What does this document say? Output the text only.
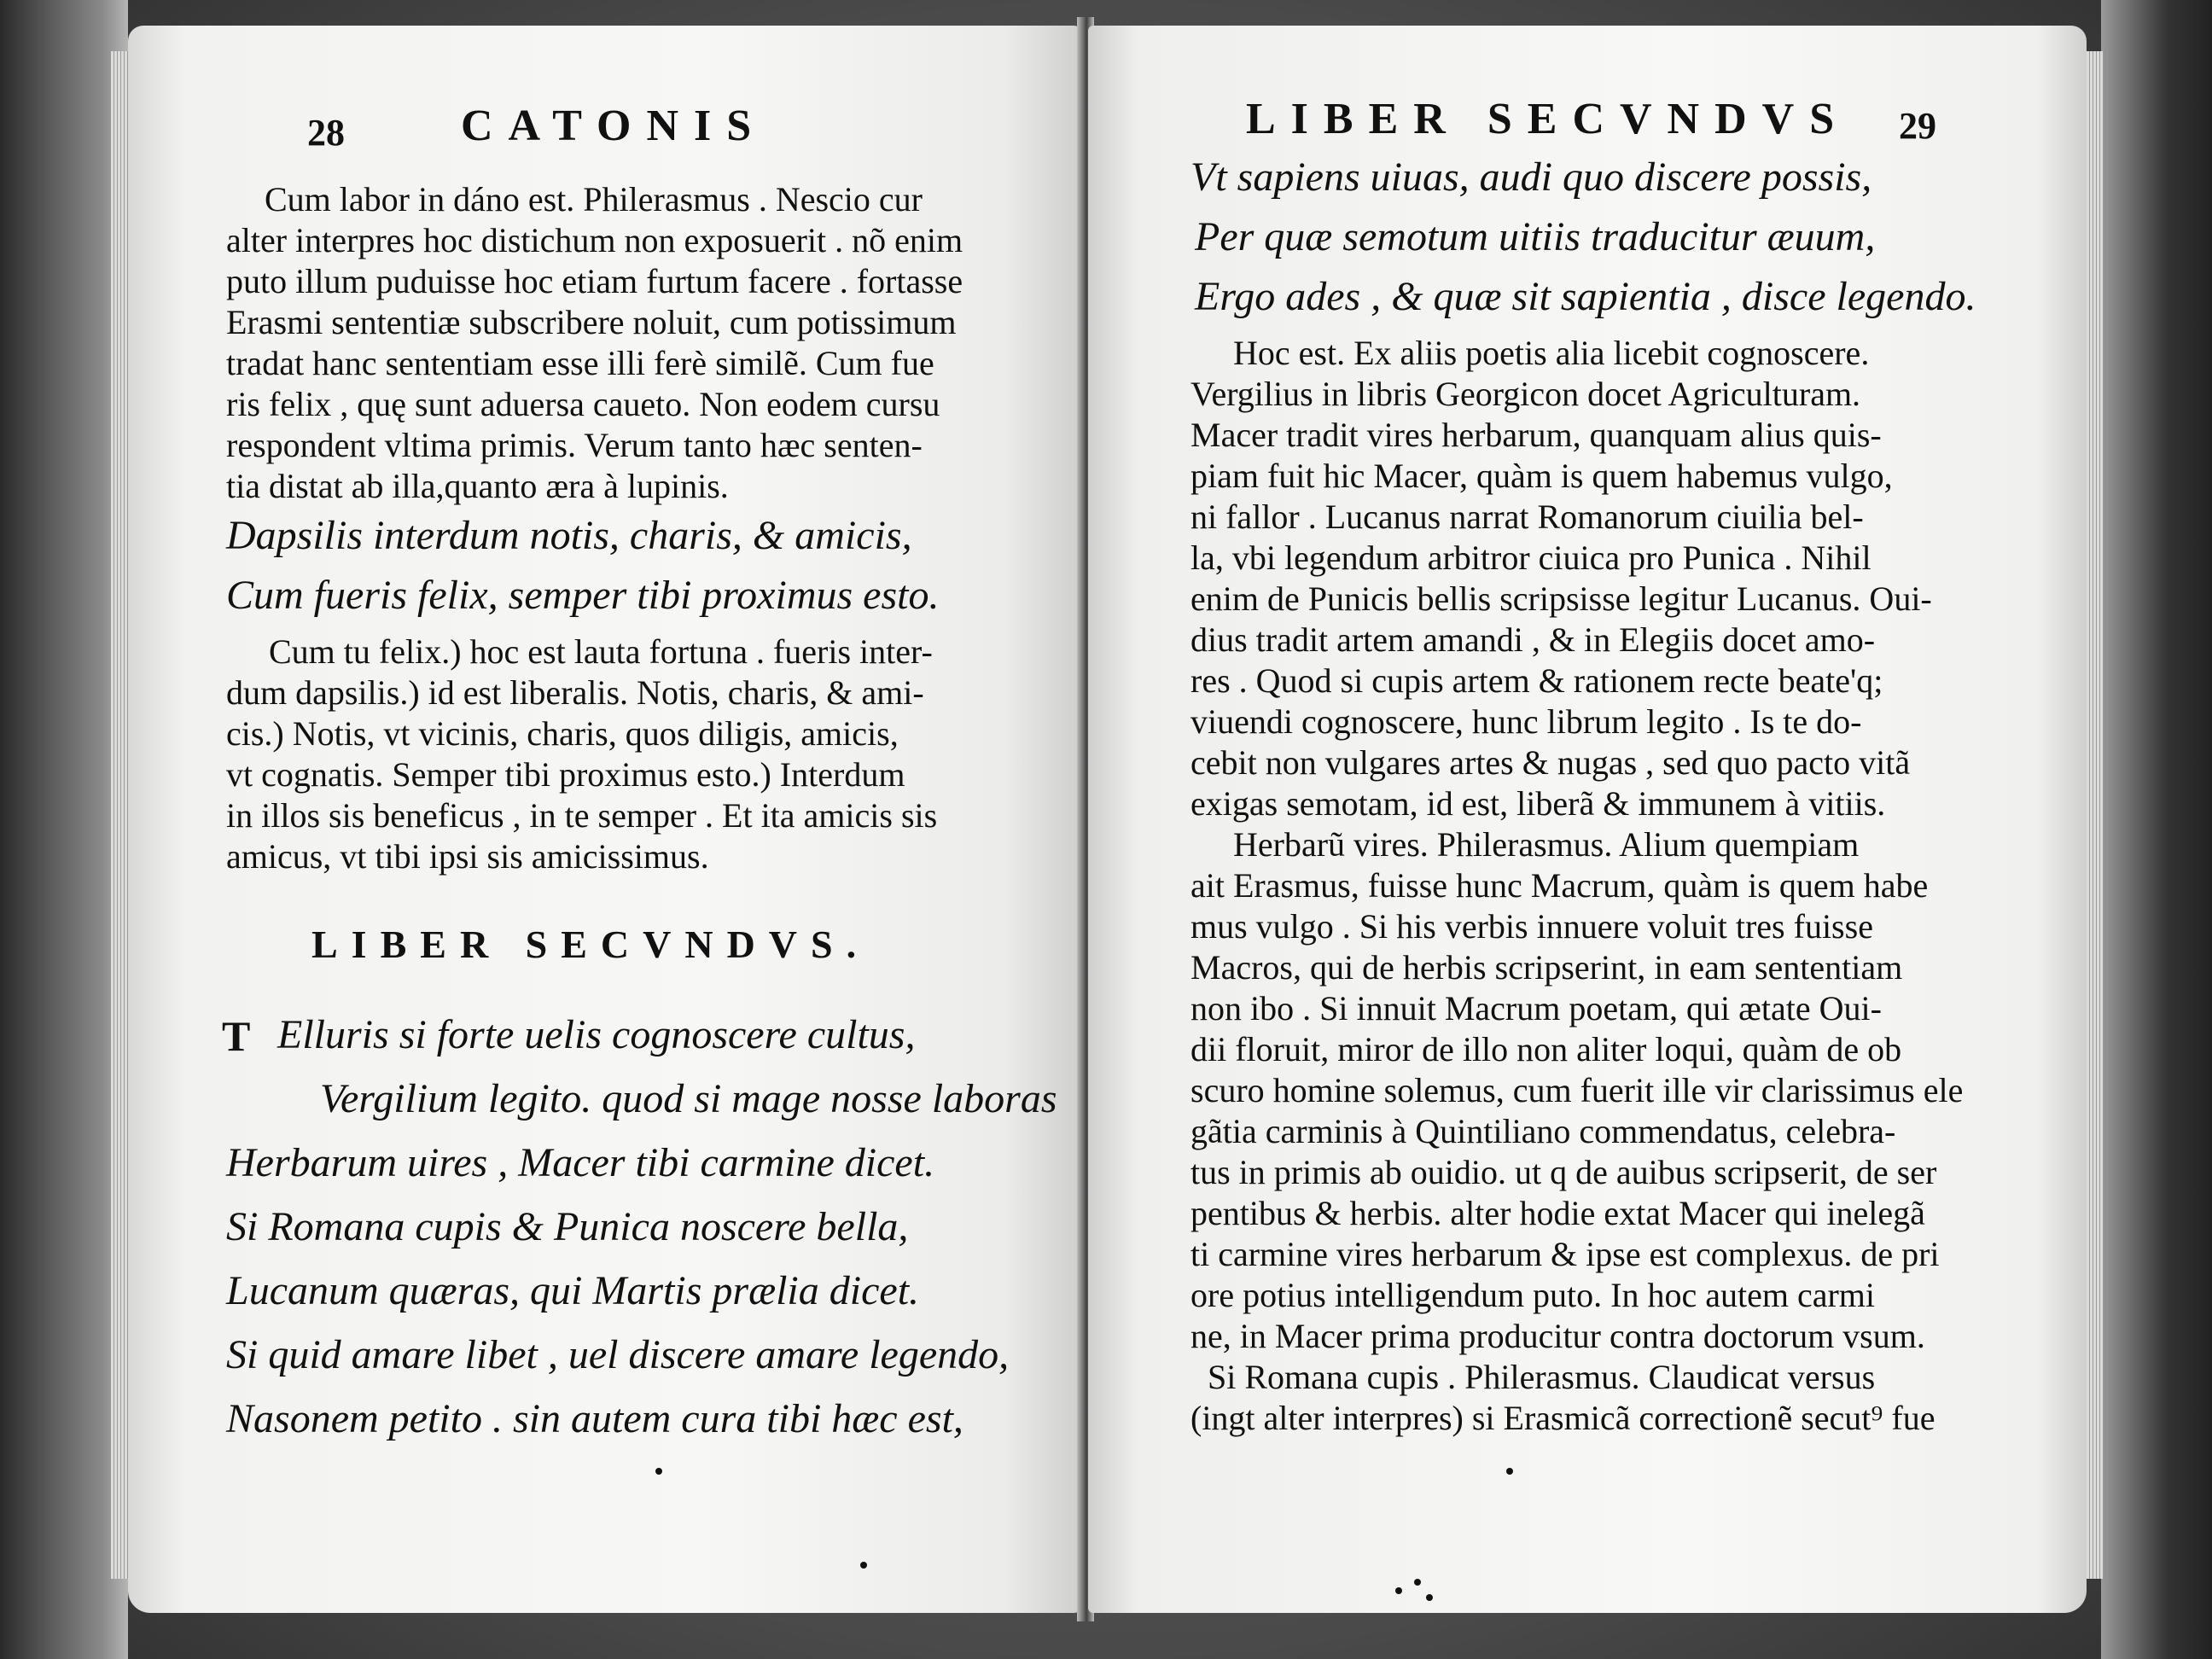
28	CATONIS
Cum labor in dáno est. Philerasmus . Nescio cur
alter interpres hoc distichum non exposuerit . nõ enim
puto illum puduisse hoc etiam furtum facere . fortasse
Erasmi sententiæ subscribere noluit, cum potissimum
tradat hanc sententiam esse illi ferè similẽ. Cum fue
ris felix , quę sunt aduersa caueto. Non eodem cursu
respondent vltima primis. Verum tanto hæc senten-
tia distat ab illa,quanto æra à lupinis.
Dapsilis interdum notis, charis, & amicis,
Cum fueris felix, semper tibi proximus esto.
Cum tu felix.) hoc est lauta fortuna . fueris inter-
dum dapsilis.) id est liberalis. Notis, charis, & ami-
cis.) Notis, vt vicinis, charis, quos diligis, amicis,
vt cognatis. Semper tibi proximus esto.) Interdum
in illos sis beneficus , in te semper . Et ita amicis sis
amicus, vt tibi ipsi sis amicissimus.
LIBER SECVNDVS.
T Elluris si forte uelis cognoscere cultus,
Vergilium legito. quod si mage nosse laboras
Herbarum uires , Macer tibi carmine dicet.
Si Romana cupis & Punica noscere bella,
Lucanum quæras, qui Martis prælia dicet.
Si quid amare libet , uel discere amare legendo,
Nasonem petito . sin autem cura tibi hæc est,
LIBER SECVNDVS 29
Vt sapiens uiuas, audi quo discere possis,
Per quæ semotum uitiis traducitur æuum,
Ergo ades , & quæ sit sapientia , disce legendo.
Hoc est. Ex aliis poetis alia licebit cognoscere.
Vergilius in libris Georgicon docet Agriculturam.
Macer tradit vires herbarum, quanquam alius quis-
piam fuit hic Macer, quàm is quem habemus vulgo,
ni fallor . Lucanus narrat Romanorum ciuilia bel-
la, vbi legendum arbitror ciuica pro Punica . Nihil
enim de Punicis bellis scripsisse legitur Lucanus. Oui-
dius tradit artem amandi , & in Elegiis docet amo-
res . Quod si cupis artem & rationem recte beate'q;
viuendi cognoscere, hunc librum legito . Is te do-
cebit non vulgares artes & nugas , sed quo pacto vitã
exigas semotam, id est, liberã & immunem à vitiis.
Herbarũ vires. Philerasmus. Alium quempiam
ait Erasmus, fuisse hunc Macrum, quàm is quem habe
mus vulgo . Si his verbis innuere voluit tres fuisse
Macros, qui de herbis scripserint, in eam sententiam
non ibo . Si innuit Macrum poetam, qui ætate Oui-
dii floruit, miror de illo non aliter loqui, quàm de ob
scuro homine solemus, cum fuerit ille vir clarissimus ele
gãtia carminis à Quintiliano commendatus, celebra-
tus in primis ab ouidio. ut q de auibus scripserit, de ser
pentibus & herbis. alter hodie extat Macer qui inelegã
ti carmine vires herbarum & ipse est complexus. de pri
ore potius intelligendum puto. In hoc autem carmi
ne, in Macer prima producitur contra doctorum vsum.
Si Romana cupis . Philerasmus. Claudicat versus
(ingt alter interpres) si Erasmicã correctionẽ secut⁹ fue
